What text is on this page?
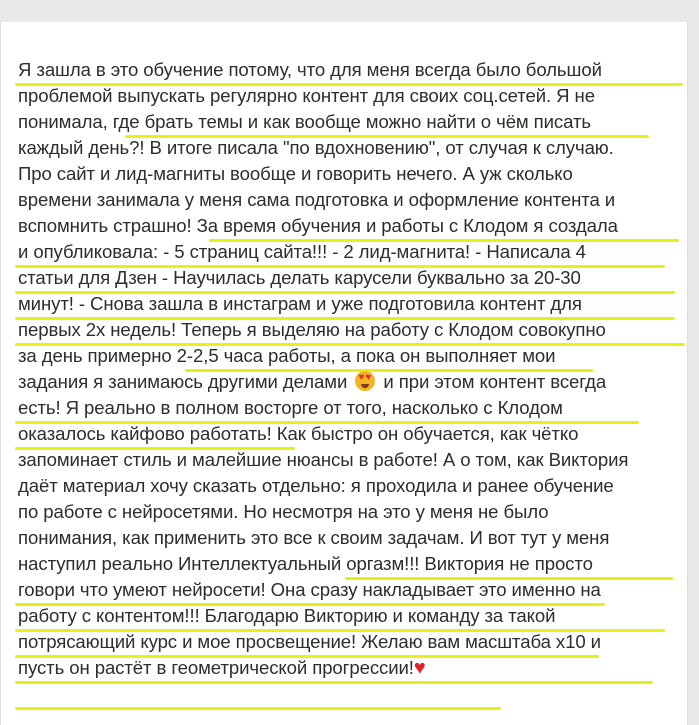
Я зашла в это обучение потому, что для меня всегда было большой
проблемой выпускать регулярно контент для своих соц.сетей. Я не
понимала, где брать темы и как вообще можно найти о чём писать
каждый день?! В итоге писала "по вдохновению", от случая к случаю.
Про сайт и лид-магниты вообще и говорить нечего. А уж сколько
времени занимала у меня сама подготовка и оформление контента и
вспомнить страшно! За время обучения и работы с Клодом я создала
и опубликовала: - 5 страниц сайта!!! - 2 лид-магнита! - Написала 4
статьи для Дзен - Научилась делать карусели буквально за 20-30
минут! - Снова зашла в инстаграм и уже подготовила контент для
первых 2х недель! Теперь я выделяю на работу с Клодом совокупно
за день примерно 2-2,5 часа работы, а пока он выполняет мои
задания я занимаюсь другими делами ♥
♥ и при этом контент всегда
есть! Я реально в полном восторге от того, насколько с Клодом
оказалось кайфово работать! Как быстро он обучается, как чётко
запоминает стиль и малейшие нюансы в работе! А о том, как Виктория
даёт материал хочу сказать отдельно: я проходила и ранее обучение
по работе с нейросетями. Но несмотря на это у меня не было
понимания, как применить это все к своим задачам. И вот тут у меня
наступил реально Интеллектуальный оргазм!!! Виктория не просто
говори что умеют нейросети! Она сразу накладывает это именно на
работу с контентом!!! Благодарю Викторию и команду за такой
потрясающий курс и мое просвещение! Желаю вам масштаба х10 и
пусть он растёт в геометрической прогрессии!♥
